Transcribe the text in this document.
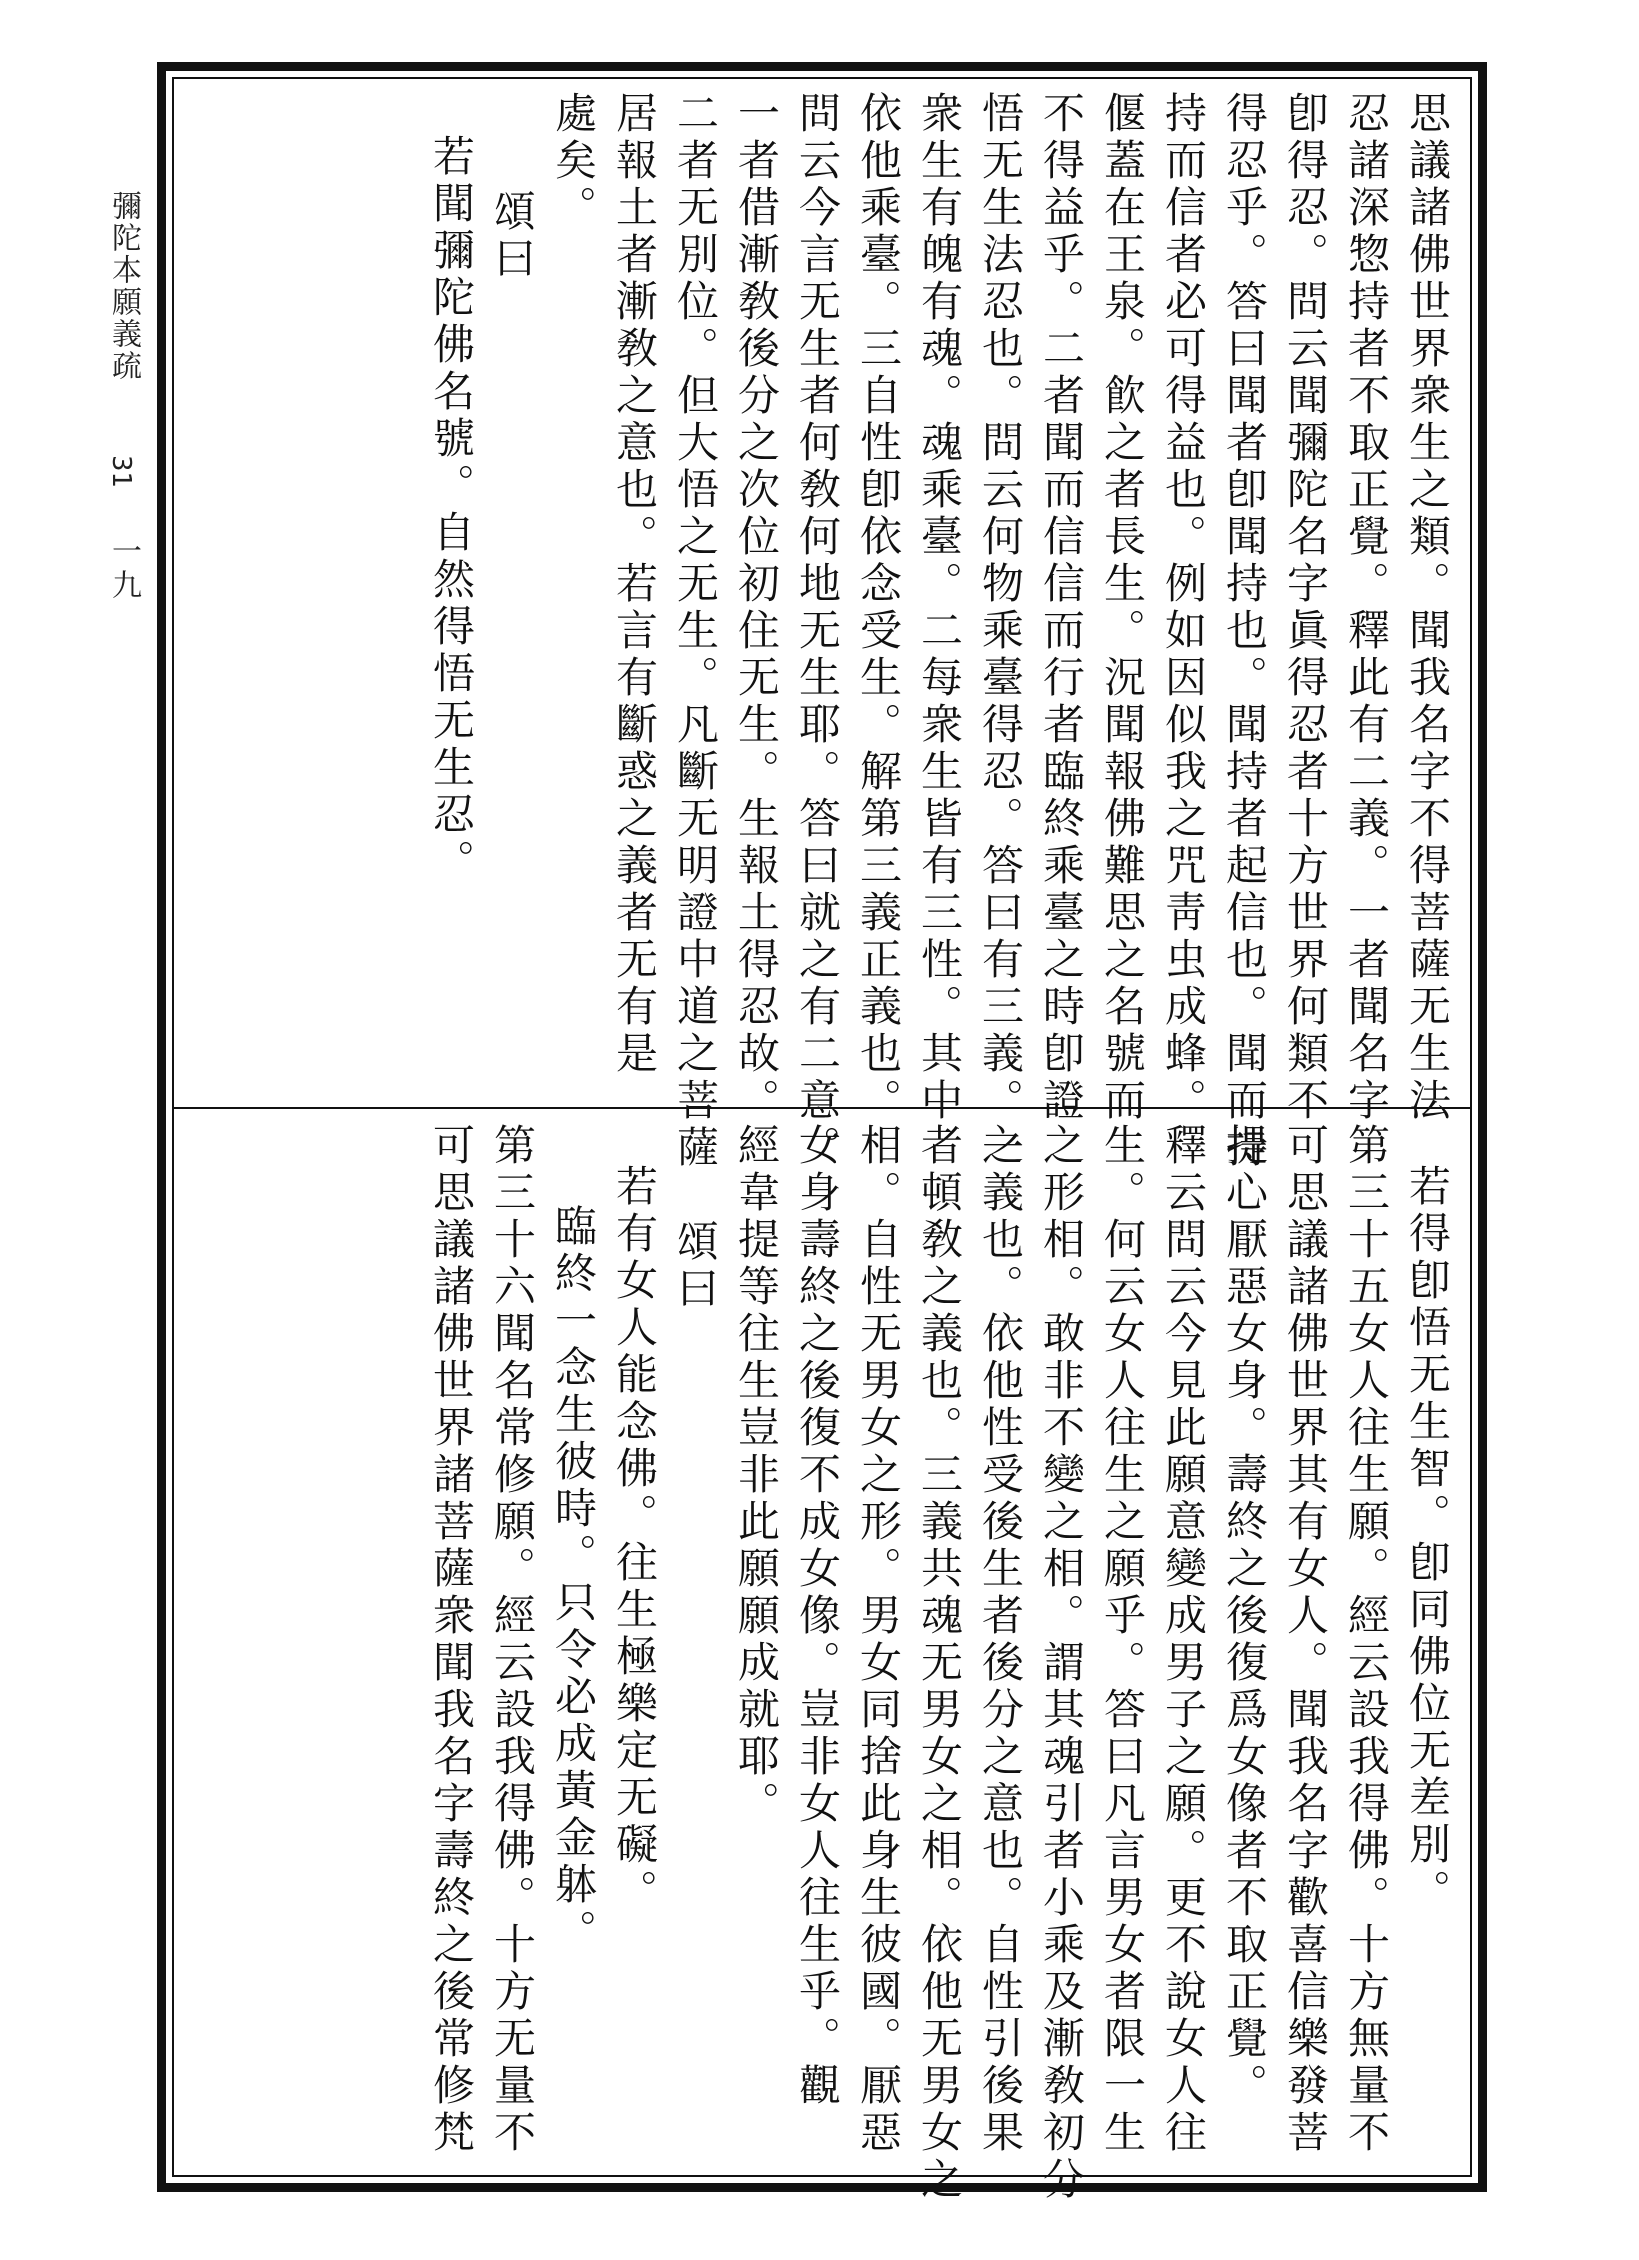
彌陀本願義疏
31
一九	思議諸佛世界衆生之類。聞我名字不得菩薩无生法
忍諸深惣持者不取正覺。釋此有二義。一者聞名字
卽得忍。問云聞彌陀名字眞得忍者十方世界何類不
得忍乎。答曰聞者卽聞持也。聞持者起信也。聞而持
持而信者必可得益也。例如因似我之咒靑虫成蜂。
偃蓋在王泉。飮之者長生。況聞報佛難思之名號而
不得益乎。二者聞而信信而行者臨終乘臺之時卽證
悟无生法忍也。問云何物乘臺得忍。答曰有三義。一
衆生有魄有魂。魂乘臺。二每衆生皆有三性。其中
依他乘臺。三自性卽依念受生。解第三義正義也。
問云今言无生者何敎何地无生耶。答曰就之有二意。
一者借漸敎後分之次位初住无生。生報土得忍故。
二者无別位。但大悟之无生。凡斷无明證中道之菩薩
居報土者漸敎之意也。若言有斷惑之義者无有是
處矣。
頌曰
若聞彌陀佛名號。自然得悟无生忍。
若得卽悟无生智。卽同佛位无差別。
第三十五女人往生願。經云設我得佛。十方無量不
可思議諸佛世界其有女人。聞我名字歡喜信樂發菩
提心厭惡女身。壽終之後復爲女像者不取正覺。
釋云問云今見此願意變成男子之願。更不說女人往
生。何云女人往生之願乎。答曰凡言男女者限一生
之形相。敢非不變之相。謂其魂引者小乘及漸敎初分
之義也。依他性受後生者後分之意也。自性引後果
者頓敎之義也。三義共魂无男女之相。依他无男女之
相。自性无男女之形。男女同捨此身生彼國。厭惡
女身壽終之後復不成女像。豈非女人往生乎。觀
經韋提等往生豈非此願願成就耶。
頌曰
若有女人能念佛。往生極樂定无礙。
臨終一念生彼時。只令必成黃金躰。
第三十六聞名常修願。經云設我得佛。十方无量不
可思議諸佛世界諸菩薩衆聞我名字壽終之後常修梵
